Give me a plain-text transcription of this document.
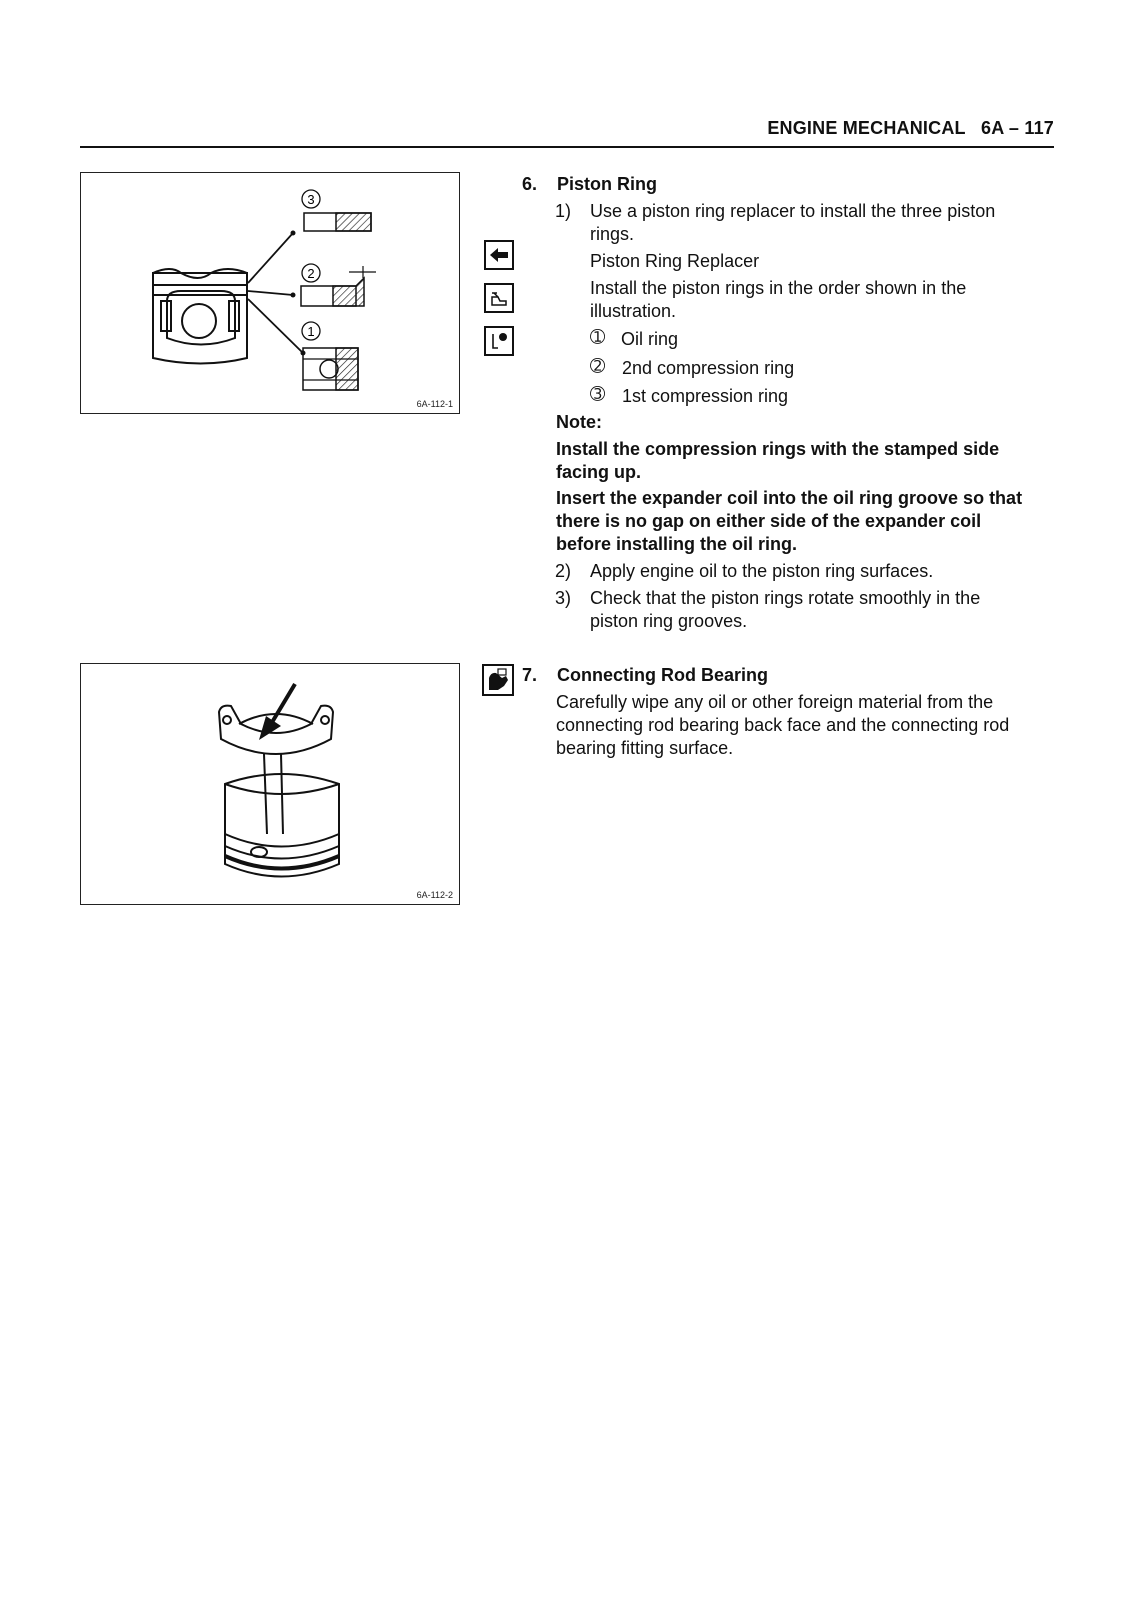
ENGINE MECHANICAL   6A – 117
3
2
1
6A-112-1
6A-112-2
6. Piston Ring
1) Use a piston ring replacer to install the three piston
rings.
Piston Ring Replacer
Install the piston rings in the order shown in the
illustration.
➀ Oil ring
➁ 2nd compression ring
➂ 1st compression ring
Note:
Install the compression rings with the stamped side
facing up.
Insert the expander coil into the oil ring groove so that
there is no gap on either side of the expander coil
before installing the oil ring.
2) Apply engine oil to the piston ring surfaces.
3) Check that the piston rings rotate smoothly in the
piston ring grooves.
7. Connecting Rod Bearing
Carefully wipe any oil or other foreign material from the
connecting rod bearing back face and the connecting rod
bearing fitting surface.
